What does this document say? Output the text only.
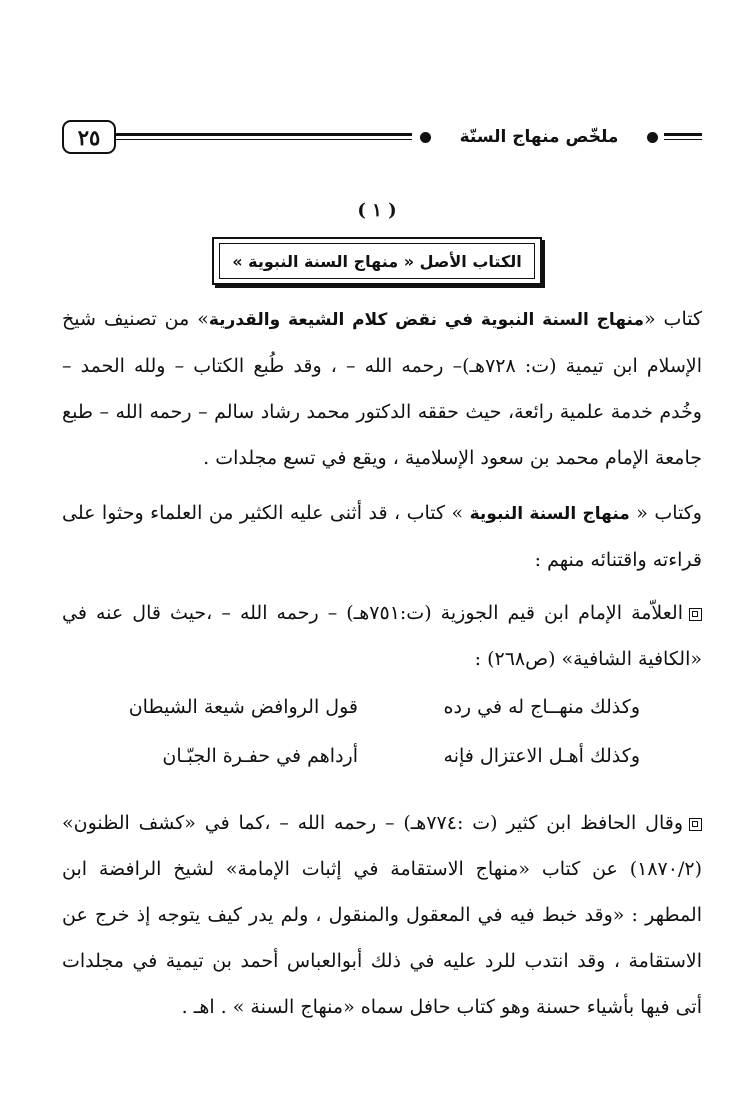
٢٥	ملخّص منهاج السنّة
( ١ )
الكتاب الأصل « منهاج السنة النبوية »

كتاب «منهاج السنة النبوية في نقض كلام الشيعة والقدرية» من تصنيف شيخ الإسلام ابن تيمية (ت: ٧٢٨هـ)– رحمه الله – ، وقد طُبع الكتاب – ولله الحمد – وخُدم خدمة علمية رائعة، حيث حققه الدكتور محمد رشاد سالم – رحمه الله – طبع جامعة الإمام محمد بن سعود الإسلامية ، ويقع في تسع مجلدات .

وكتاب « منهاج السنة النبوية » كتاب ، قد أثنى عليه الكثير من العلماء وحثوا على قراءته واقتنائه منهم :

العلاّمة الإمام ابن قيم الجوزية (ت:٧٥١هـ) – رحمه الله – ،حيث قال عنه في «الكافية الشافية» (ص٢٦٨) :

وكذلك منهــاج له في رده
قول الروافض شيعة الشيطان
وكذلك أهـل الاعتزال فإنه
أرداهم في حفـرة الجبّـان

وقال الحافظ ابن كثير (ت :٧٧٤هـ) – رحمه الله – ،كما في «كشف الظنون» (١٨٧٠/٢) عن كتاب «منهاج الاستقامة في إثبات الإمامة» لشيخ الرافضة ابن المطهر : «وقد خبط فيه في المعقول والمنقول ، ولم يدر كيف يتوجه إذ خرج عن الاستقامة ، وقد انتدب للرد عليه في ذلك أبوالعباس أحمد بن تيمية في مجلدات أتى فيها بأشياء حسنة وهو كتاب حافل سماه «منهاج السنة » . اهـ .
